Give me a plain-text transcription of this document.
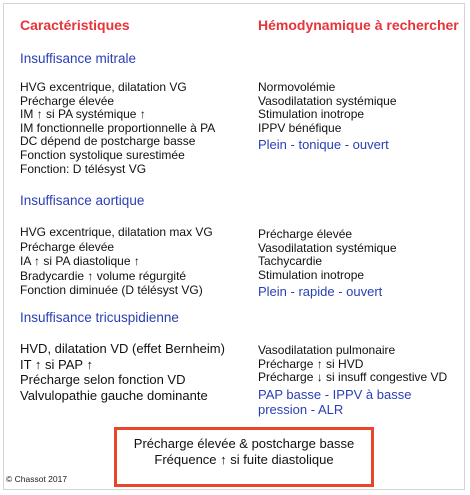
Caractéristiques	Hémodynamique à rechercher
Insuffisance mitrale
HVG excentrique, dilatation VG
Précharge élevée
IM ↑ si PA systémique ↑
IM fonctionnelle proportionnelle à PA
DC dépend de postcharge basse
Fonction systolique surestimée
Fonction: D télésyst VG
Normovolémie
Vasodilatation systémique
Stimulation inotrope
IPPV bénéfique
Plein - tonique - ouvert
Insuffisance aortique
HVG excentrique, dilatation max VG
Précharge élevée
IA ↑ si PA diastolique ↑
Bradycardie ↑ volume régurgité
Fonction diminuée (D télésyst VG)
Précharge élevée
Vasodilatation systémique
Tachycardie
Stimulation inotrope
Plein - rapide - ouvert
Insuffisance tricuspidienne
HVD, dilatation VD (effet Bernheim)
IT ↑ si PAP ↑
Précharge selon fonction VD
Valvulopathie gauche dominante
Vasodilatation pulmonaire
Précharge ↑ si HVD
Précharge ↓ si insuff congestive VD
PAP basse - IPPV à basse
pression - ALR
Précharge élevée & postcharge basse
Fréquence ↑ si fuite diastolique
© Chassot 2017
